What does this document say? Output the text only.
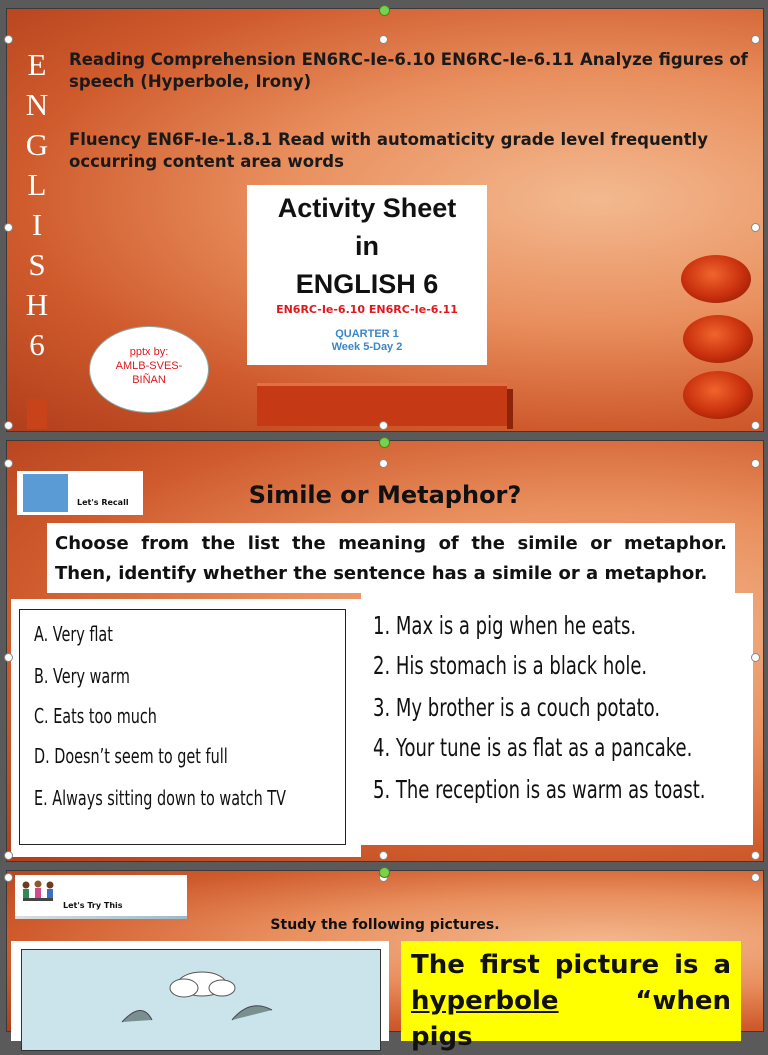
E
N
G
L
I
S
H
6
Reading Comprehension EN6RC-Ie-6.10 EN6RC-Ie-6.11 Analyze figures of speech (Hyperbole, Irony)
Fluency EN6F-Ie-1.8.1 Read with automaticity grade level frequently occurring content area words
Activity Sheet
in
ENGLISH 6
EN6RC-Ie-6.10 EN6RC-Ie-6.11
QUARTER 1
Week 5-Day 2
pptx by:
AMLB-SVES-
BIÑAN
Let's Recall	Simile or Metaphor?
Choose from the list the meaning of the simile or metaphor. Then, identify whether the sentence has a simile or a metaphor.
A. Very flat
B. Very warm
C. Eats too much
D. Doesn’t seem to get full
E. Always sitting down to watch TV
1. Max is a pig when he eats.
2. His stomach is a black hole.
3. My brother is a couch potato.
4. Your tune is as flat as a pancake.
5. The reception is as warm as toast.
Let's Try This
Study the following pictures.
The first picture is a hyperbole	“when pigs
